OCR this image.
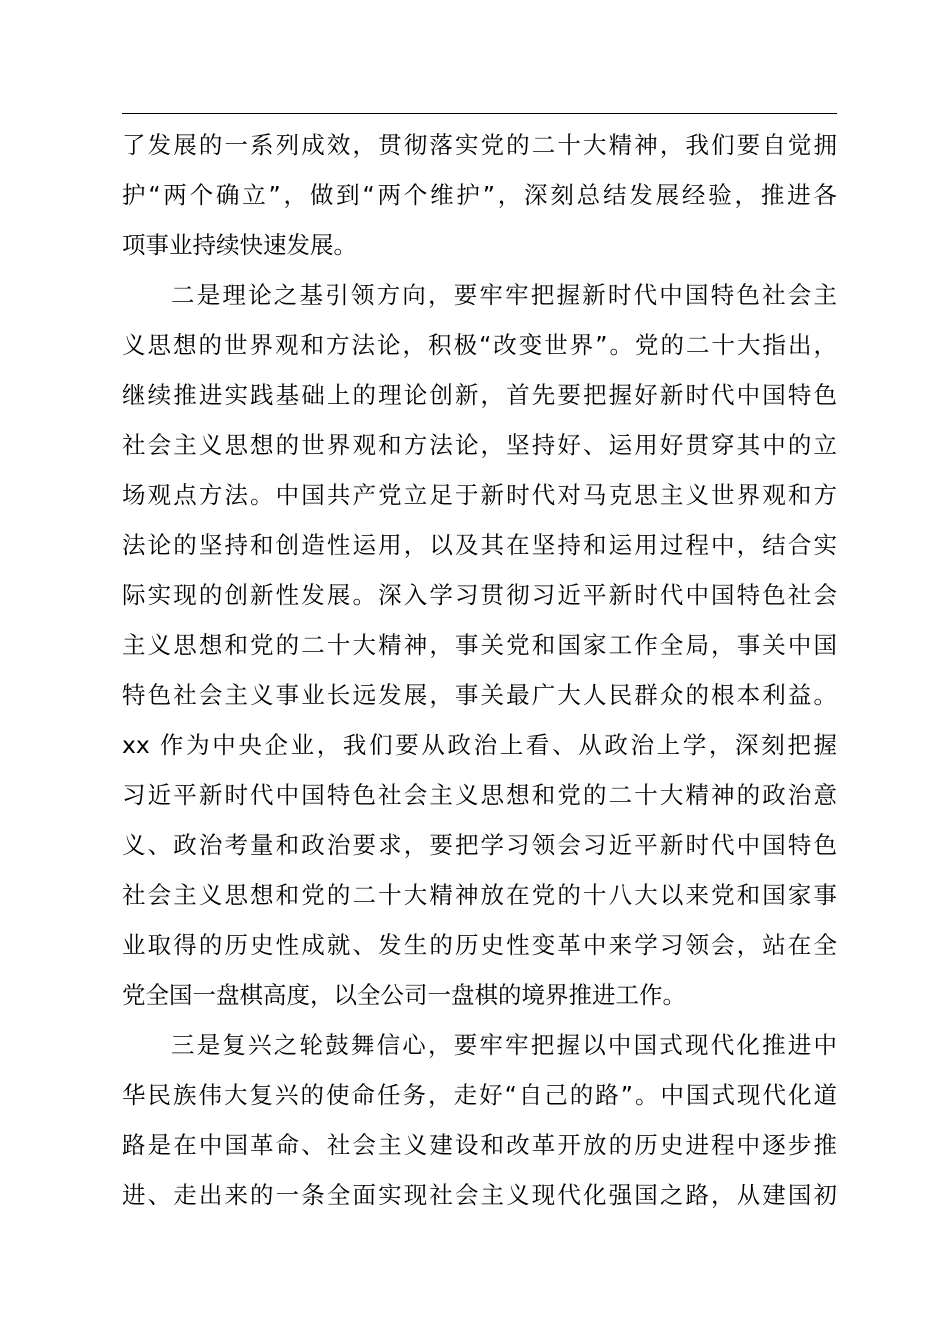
了发展的一系列成效，贯彻落实党的二十大精神，我们要自觉拥
护“两个确立”，做到“两个维护”，深刻总结发展经验，推进各
项事业持续快速发展。
二是理论之基引领方向，要牢牢把握新时代中国特色社会主
义思想的世界观和方法论，积极“改变世界”。党的二十大指出，
继续推进实践基础上的理论创新，首先要把握好新时代中国特色
社会主义思想的世界观和方法论，坚持好、运用好贯穿其中的立
场观点方法。中国共产党立足于新时代对马克思主义世界观和方
法论的坚持和创造性运用，以及其在坚持和运用过程中，结合实
际实现的创新性发展。深入学习贯彻习近平新时代中国特色社会
主义思想和党的二十大精神，事关党和国家工作全局，事关中国
特色社会主义事业长远发展，事关最广大人民群众的根本利益。
xx 作为中央企业，我们要从政治上看、从政治上学，深刻把握
习近平新时代中国特色社会主义思想和党的二十大精神的政治意
义、政治考量和政治要求，要把学习领会习近平新时代中国特色
社会主义思想和党的二十大精神放在党的十八大以来党和国家事
业取得的历史性成就、发生的历史性变革中来学习领会，站在全
党全国一盘棋高度，以全公司一盘棋的境界推进工作。
三是复兴之轮鼓舞信心，要牢牢把握以中国式现代化推进中
华民族伟大复兴的使命任务，走好“自己的路”。中国式现代化道
路是在中国革命、社会主义建设和改革开放的历史进程中逐步推
进、走出来的一条全面实现社会主义现代化强国之路，从建国初
